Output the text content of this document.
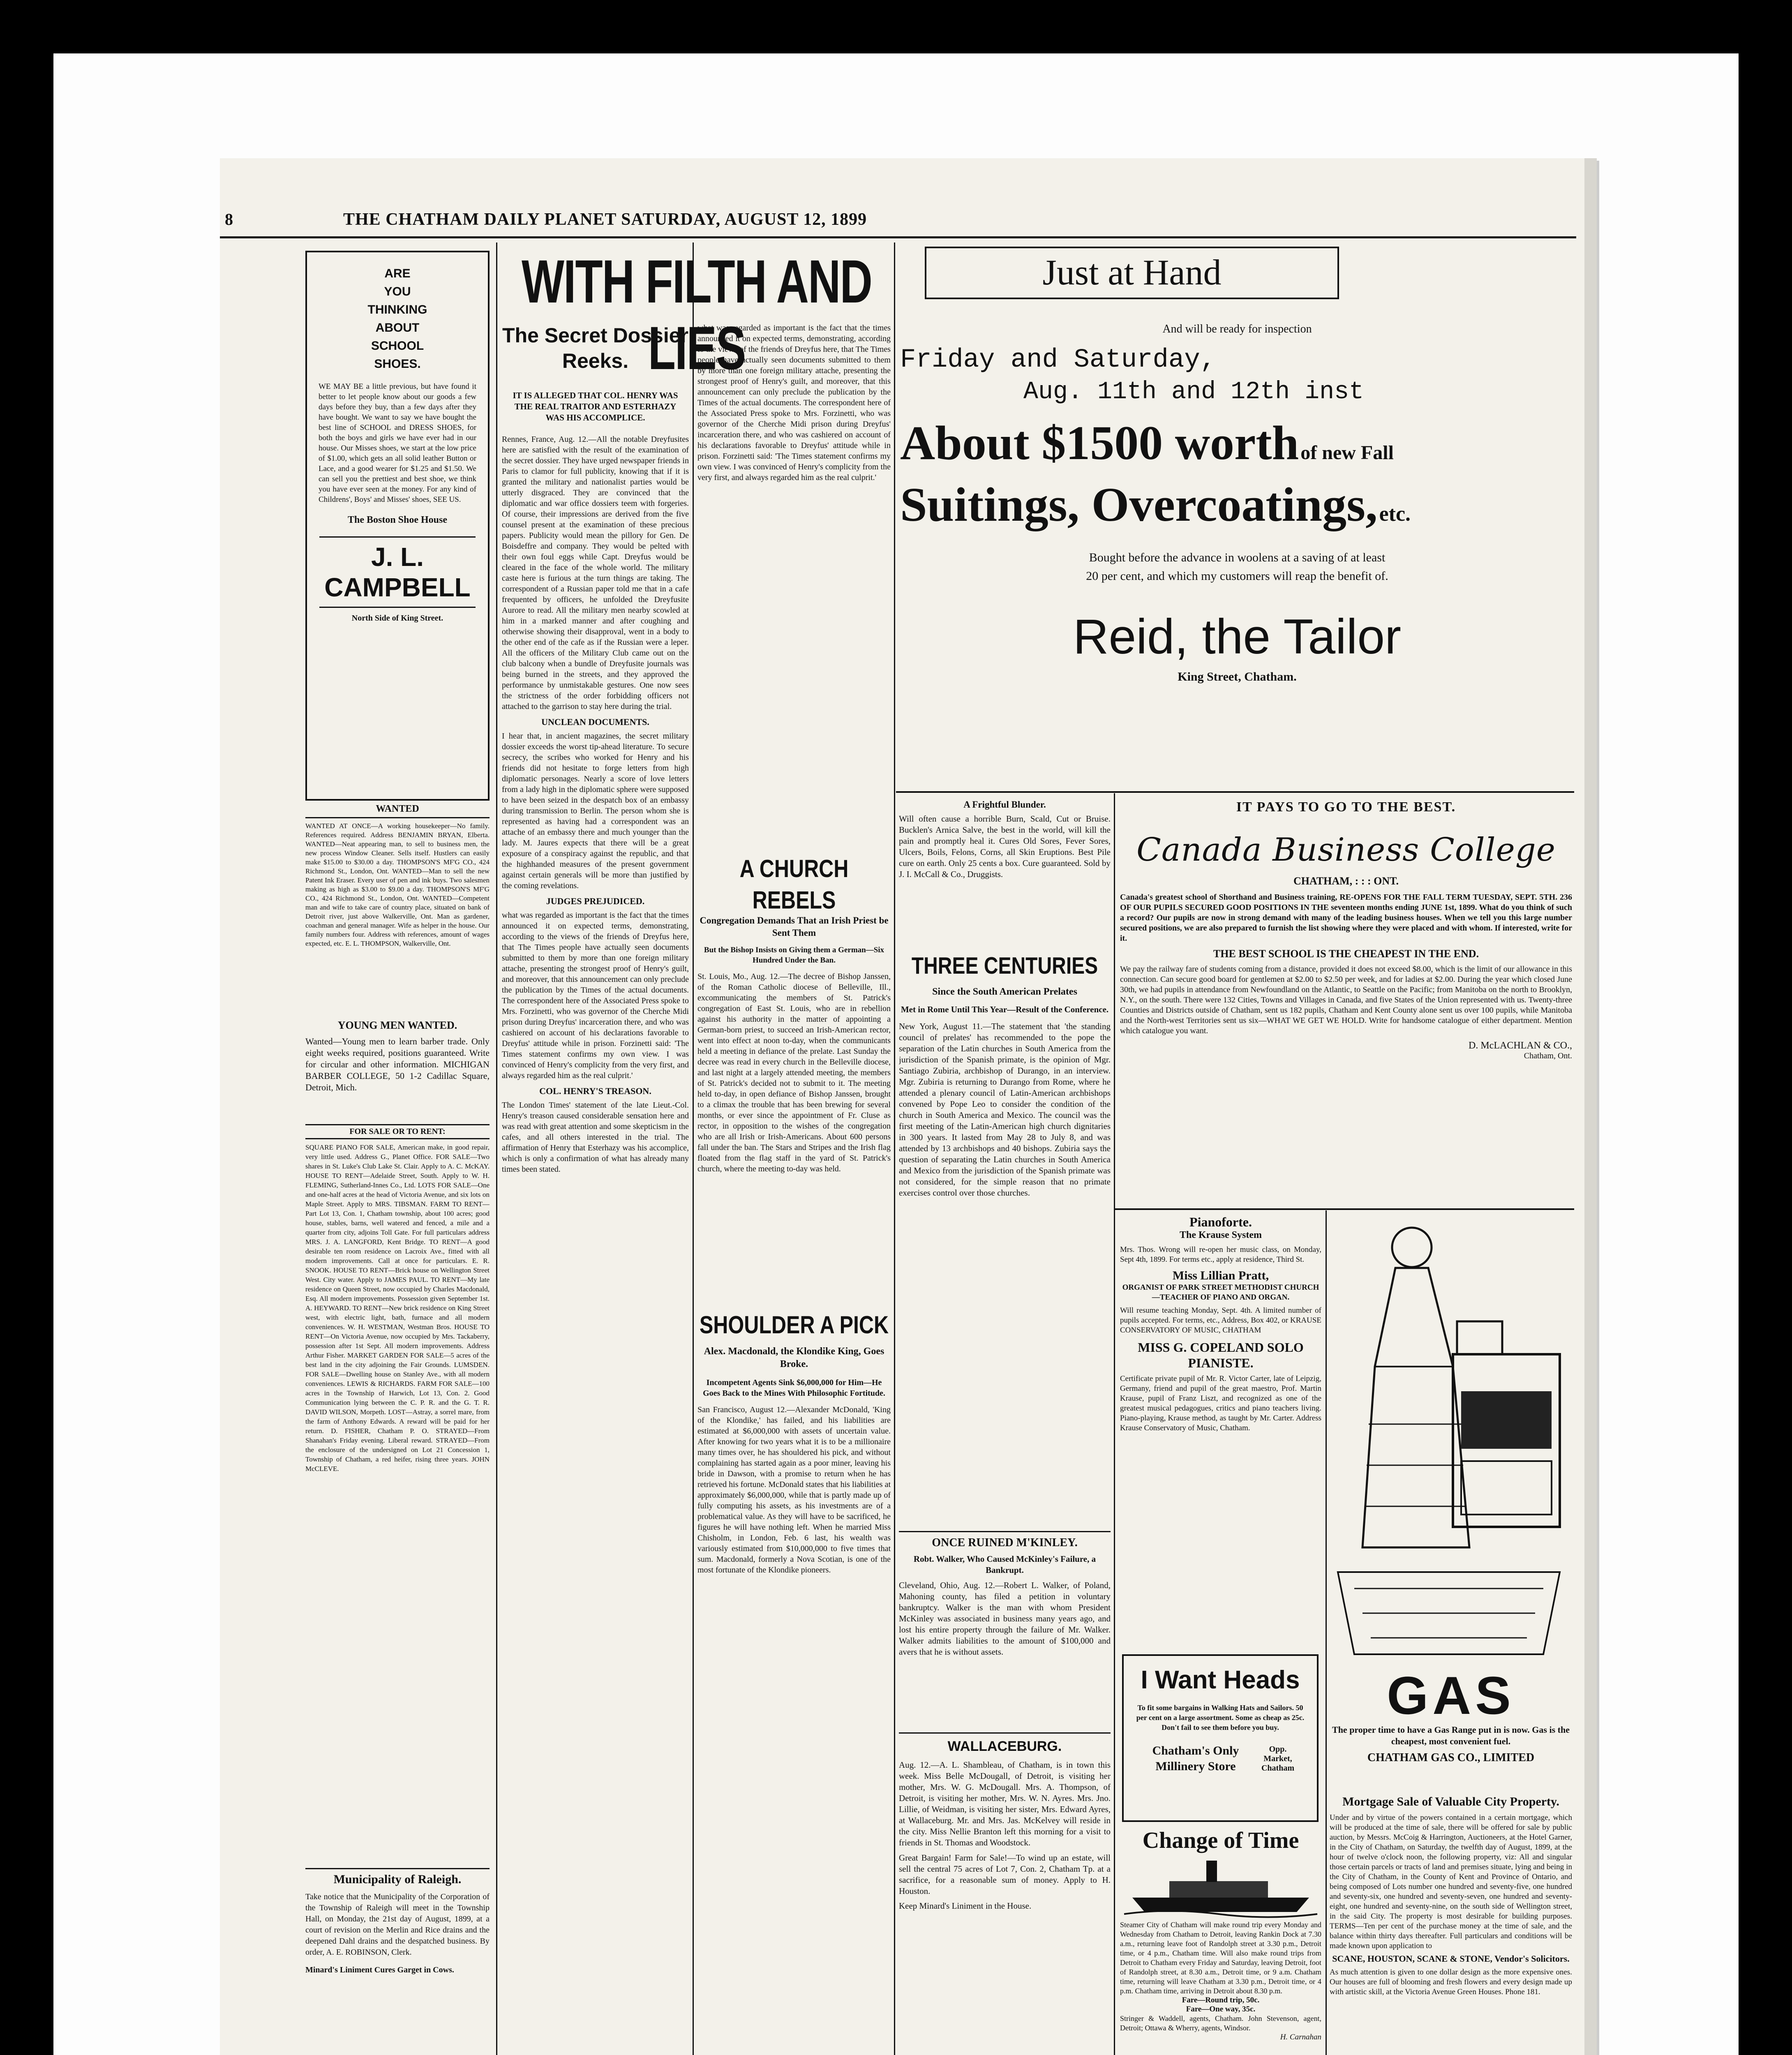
8	THE CHATHAM DAILY PLANET SATURDAY, AUGUST 12, 1899
ARE
YOU
THINKING
ABOUT
SCHOOL
SHOES.

WE MAY BE a little previous, but have found it better to let people know about our goods a few days before they buy, than a few days after they have bought. We want to say we have bought the best line of SCHOOL and DRESS SHOES, for both the boys and girls we have ever had in our house. Our Misses shoes, we start at the low price of $1.00, which gets an all solid leather Button or Lace, and a good wearer for $1.25 and $1.50. We can sell you the prettiest and best shoe, we think you have ever seen at the money. For any kind of Childrens', Boys' and Misses' shoes, SEE US.

The Boston Shoe House
J. L. CAMPBELL
North Side of King Street.
WANTED

WANTED AT ONCE—A working housekeeper—No family. References required. Address BENJAMIN BRYAN, Elberta. WANTED—Neat appearing man, to sell to business men, the new process Window Cleaner. Sells itself. Hustlers can easily make $15.00 to $30.00 a day. THOMPSON'S MF'G CO., 424 Richmond St., London, Ont. WANTED—Man to sell the new Patent Ink Eraser. Every user of pen and ink buys. Two salesmen making as high as $3.00 to $9.00 a day. THOMPSON'S MF'G CO., 424 Richmond St., London, Ont. WANTED—Competent man and wife to take care of country place, situated on bank of Detroit river, just above Walkerville, Ont. Man as gardener, coachman and general manager. Wife as helper in the house. Our family numbers four. Address with references, amount of wages expected, etc. E. L. THOMPSON, Walkerville, Ont.

YOUNG MEN WANTED.

Wanted—Young men to learn barber trade. Only eight weeks required, positions guaranteed. Write for circular and other information. MICHIGAN BARBER COLLEGE, 50 1-2 Cadillac Square, Detroit, Mich.

FOR SALE OR TO RENT:

SQUARE PIANO FOR SALE, American make, in good repair, very little used. Address G., Planet Office. FOR SALE—Two shares in St. Luke's Club Lake St. Clair. Apply to A. C. McKAY. HOUSE TO RENT—Adelaide Street, South. Apply to W. H. FLEMING, Sutherland-Innes Co., Ltd. LOTS FOR SALE—One and one-half acres at the head of Victoria Avenue, and six lots on Maple Street. Apply to MRS. TIBSMAN. FARM TO RENT—Part Lot 13, Con. 1, Chatham township, about 100 acres; good house, stables, barns, well watered and fenced, a mile and a quarter from city, adjoins Toll Gate. For full particulars address MRS. J. A. LANGFORD, Kent Bridge. TO RENT—A good desirable ten room residence on Lacroix Ave., fitted with all modern improvements. Call at once for particulars. E. R. SNOOK. HOUSE TO RENT—Brick house on Wellington Street West. City water. Apply to JAMES PAUL. TO RENT—My late residence on Queen Street, now occupied by Charles Macdonald, Esq. All modern improvements. Possession given September 1st. A. HEYWARD. TO RENT—New brick residence on King Street west, with electric light, bath, furnace and all modern conveniences. W. H. WESTMAN, Westman Bros. HOUSE TO RENT—On Victoria Avenue, now occupied by Mrs. Tackaberry, possession after 1st Sept. All modern improvements. Address Arthur Fisher. MARKET GARDEN FOR SALE—5 acres of the best land in the city adjoining the Fair Grounds. LUMSDEN. FOR SALE—Dwelling house on Stanley Ave., with all modern conveniences. LEWIS & RICHARDS. FARM FOR SALE—100 acres in the Township of Harwich, Lot 13, Con. 2. Good Communication lying between the C. P. R. and the G. T. R. DAVID WILSON, Morpeth. LOST—Astray, a sorrel mare, from the farm of Anthony Edwards. A reward will be paid for her return. D. FISHER, Chatham P. O. STRAYED—From Shanahan's Friday evening. Liberal reward. STRAYED—From the enclosure of the undersigned on Lot 21 Concession 1, Township of Chatham, a red heifer, rising three years. JOHN McCLEVE.

Municipality of Raleigh.

Take notice that the Municipality of the Corporation of the Township of Raleigh will meet in the Township Hall, on Monday, the 21st day of August, 1899, at a court of revision on the Merlin and Rice drains and the deepened Dahl drains and the despatched business. By order, A. E. ROBINSON, Clerk.

Minard's Liniment Cures Garget in Cows.

WITH FILTH AND LIES
The Secret Dossier Reeks.
IT IS ALLEGED THAT COL. HENRY WAS THE REAL TRAITOR AND ESTERHAZY WAS HIS ACCOMPLICE.

Rennes, France, Aug. 12.—All the notable Dreyfusites here are satisfied with the result of the examination of the secret dossier. They have urged newspaper friends in Paris to clamor for full publicity, knowing that if it is granted the military and nationalist parties would be utterly disgraced. They are convinced that the diplomatic and war office dossiers teem with forgeries. Of course, their impressions are derived from the five counsel present at the examination of these precious papers. Publicity would mean the pillory for Gen. De Boisdeffre and company. They would be pelted with their own foul eggs while Capt. Dreyfus would be cleared in the face of the whole world. The military caste here is furious at the turn things are taking. The correspondent of a Russian paper told me that in a cafe frequented by officers, he unfolded the Dreyfusite Aurore to read. All the military men nearby scowled at him in a marked manner and after coughing and otherwise showing their disapproval, went in a body to the other end of the cafe as if the Russian were a leper. All the officers of the Military Club came out on the club balcony when a bundle of Dreyfusite journals was being burned in the streets, and they approved the performance by unmistakable gestures. One now sees the strictness of the order forbidding officers not attached to the garrison to stay here during the trial.

UNCLEAN DOCUMENTS.

I hear that, in ancient magazines, the secret military dossier exceeds the worst tip-ahead literature. To secure secrecy, the scribes who worked for Henry and his friends did not hesitate to forge letters from high diplomatic personages. Nearly a score of love letters from a lady high in the diplomatic sphere were supposed to have been seized in the despatch box of an embassy during transmission to Berlin. The person whom she is represented as having had a correspondent was an attache of an embassy there and much younger than the lady. M. Jaures expects that there will be a great exposure of a conspiracy against the republic, and that the highhanded measures of the present government against certain generals will be more than justified by the coming revelations.

JUDGES PREJUDICED.

what was regarded as important is the fact that the times announced it on expected terms, demonstrating, according to the views of the friends of Dreyfus here, that The Times people have actually seen documents submitted to them by more than one foreign military attache, presenting the strongest proof of Henry's guilt, and moreover, that this announcement can only preclude the publication by the Times of the actual documents. The correspondent here of the Associated Press spoke to Mrs. Forzinetti, who was governor of the Cherche Midi prison during Dreyfus' incarceration there, and who was cashiered on account of his declarations favorable to Dreyfus' attitude while in prison. Forzinetti said: 'The Times statement confirms my own view. I was convinced of Henry's complicity from the very first, and always regarded him as the real culprit.'

COL. HENRY'S TREASON.

The London Times' statement of the late Lieut.-Col. Henry's treason caused considerable sensation here and was read with great attention and some skepticism in the cafes, and all others interested in the trial. The affirmation of Henry that Esterhazy was his accomplice, which is only a confirmation of what has already many times been stated.

what was regarded as important is the fact that the times announced it on expected terms, demonstrating, according to the views of the friends of Dreyfus here, that The Times people have actually seen documents submitted to them by more than one foreign military attache, presenting the strongest proof of Henry's guilt, and moreover, that this announcement can only preclude the publication by the Times of the actual documents. The correspondent here of the Associated Press spoke to Mrs. Forzinetti, who was governor of the Cherche Midi prison during Dreyfus' incarceration there, and who was cashiered on account of his declarations favorable to Dreyfus' attitude while in prison. Forzinetti said: 'The Times statement confirms my own view. I was convinced of Henry's complicity from the very first, and always regarded him as the real culprit.'

A CHURCH REBELS
Congregation Demands That an Irish Priest be Sent Them
But the Bishop Insists on Giving them a German—Six Hundred Under the Ban.

St. Louis, Mo., Aug. 12.—The decree of Bishop Janssen, of the Roman Catholic diocese of Belleville, Ill., excommunicating the members of St. Patrick's congregation of East St. Louis, who are in rebellion against his authority in the matter of appointing a German-born priest, to succeed an Irish-American rector, went into effect at noon to-day, when the communicants held a meeting in defiance of the prelate. Last Sunday the decree was read in every church in the Belleville diocese, and last night at a largely attended meeting, the members of St. Patrick's decided not to submit to it. The meeting held to-day, in open defiance of Bishop Janssen, brought to a climax the trouble that has been brewing for several months, or ever since the appointment of Fr. Cluse as rector, in opposition to the wishes of the congregation who are all Irish or Irish-Americans. About 600 persons fall under the ban. The Stars and Stripes and the Irish flag floated from the flag staff in the yard of St. Patrick's church, where the meeting to-day was held.

SHOULDER A PICK
Alex. Macdonald, the Klondike King, Goes Broke.
Incompetent Agents Sink $6,000,000 for Him—He Goes Back to the Mines With Philosophic Fortitude.

San Francisco, August 12.—Alexander McDonald, 'King of the Klondike,' has failed, and his liabilities are estimated at $6,000,000 with assets of uncertain value. After knowing for two years what it is to be a millionaire many times over, he has shouldered his pick, and without complaining has started again as a poor miner, leaving his bride in Dawson, with a promise to return when he has retrieved his fortune. McDonald states that his liabilities at approximately $6,000,000, while that is partly made up of fully computing his assets, as his investments are of a problematical value. As they will have to be sacrificed, he figures he will have nothing left. When he married Miss Chisholm, in London, Feb. 6 last, his wealth was variously estimated from $10,000,000 to five times that sum. Macdonald, formerly a Nova Scotian, is one of the most fortunate of the Klondike pioneers.

Just at Hand
And will be ready for inspection
Friday and Saturday,
Aug. 11th and 12th inst
About $1500 worth of new Fall
Suitings, Overcoatings, etc.
Bought before the advance in woolens at a saving of at least
20 per cent, and which my customers will reap the benefit of.
Reid, the Tailor
King Street, Chatham.
A Frightful Blunder.

Will often cause a horrible Burn, Scald, Cut or Bruise. Bucklen's Arnica Salve, the best in the world, will kill the pain and promptly heal it. Cures Old Sores, Fever Sores, Ulcers, Boils, Felons, Corns, all Skin Eruptions. Best Pile cure on earth. Only 25 cents a box. Cure guaranteed. Sold by J. I. McCall & Co., Druggists.

THREE CENTURIES
Since the South American Prelates
Met in Rome Until This Year—Result of the Conference.

New York, August 11.—The statement that 'the standing council of prelates' has recommended to the pope the separation of the Latin churches in South America from the jurisdiction of the Spanish primate, is the opinion of Mgr. Santiago Zubiria, archbishop of Durango, in an interview. Mgr. Zubiria is returning to Durango from Rome, where he attended a plenary council of Latin-American archbishops convened by Pope Leo to consider the condition of the church in South America and Mexico. The council was the first meeting of the Latin-American high church dignitaries in 300 years. It lasted from May 28 to July 8, and was attended by 13 archbishops and 40 bishops. Zubiria says the question of separating the Latin churches in South America and Mexico from the jurisdiction of the Spanish primate was not considered, for the simple reason that no primate exercises control over those churches.

ONCE RUINED M'KINLEY.
Robt. Walker, Who Caused McKinley's Failure, a Bankrupt.

Cleveland, Ohio, Aug. 12.—Robert L. Walker, of Poland, Mahoning county, has filed a petition in voluntary bankruptcy. Walker is the man with whom President McKinley was associated in business many years ago, and lost his entire property through the failure of Mr. Walker. Walker admits liabilities to the amount of $100,000 and avers that he is without assets.

WALLACEBURG.

Aug. 12.—A. L. Shambleau, of Chatham, is in town this week. Miss Belle McDougall, of Detroit, is visiting her mother, Mrs. W. G. McDougall. Mrs. A. Thompson, of Detroit, is visiting her mother, Mrs. W. N. Ayres. Mrs. Jno. Lillie, of Weidman, is visiting her sister, Mrs. Edward Ayres, at Wallaceburg. Mr. and Mrs. Jas. McKelvey will reside in the city. Miss Nellie Branton left this morning for a visit to friends in St. Thomas and Woodstock.

Great Bargain! Farm for Sale!—To wind up an estate, will sell the central 75 acres of Lot 7, Con. 2, Chatham Tp. at a sacrifice, for a reasonable sum of money. Apply to H. Houston.

Keep Minard's Liniment in the House.

IT PAYS TO GO TO THE BEST.
Canada Business College
CHATHAM, : : : ONT.

Canada's greatest school of Shorthand and Business training, RE-OPENS FOR THE FALL TERM TUESDAY, SEPT. 5TH. 236 OF OUR PUPILS SECURED GOOD POSITIONS IN THE seventeen months ending JUNE 1st, 1899. What do you think of such a record? Our pupils are now in strong demand with many of the leading business houses. When we tell you this large number secured positions, we are also prepared to furnish the list showing where they were placed and with whom. If interested, write for it.

THE BEST SCHOOL IS THE CHEAPEST IN THE END.

We pay the railway fare of students coming from a distance, provided it does not exceed $8.00, which is the limit of our allowance in this connection. Can secure good board for gentlemen at $2.00 to $2.50 per week, and for ladies at $2.00. During the year which closed June 30th, we had pupils in attendance from Newfoundland on the Atlantic, to Seattle on the Pacific; from Manitoba on the north to Brooklyn, N.Y., on the south. There were 132 Cities, Towns and Villages in Canada, and five States of the Union represented with us. Twenty-three Counties and Districts outside of Chatham, sent us 182 pupils, Chatham and Kent County alone sent us over 100 pupils, while Manitoba and the North-west Territories sent us six—WHAT WE GET WE HOLD. Write for handsome catalogue of either department. Mention which catalogue you want.

D. McLACHLAN & CO.,
Chatham, Ont.
Pianoforte.
The Krause System

Mrs. Thos. Wrong will re-open her music class, on Monday, Sept 4th, 1899. For terms etc., apply at residence, Third St.

Miss Lillian Pratt,
ORGANIST OF PARK STREET METHODIST CHURCH—TEACHER OF PIANO AND ORGAN.

Will resume teaching Monday, Sept. 4th. A limited number of pupils accepted. For terms, etc., Address, Box 402, or KRAUSE CONSERVATORY OF MUSIC, CHATHAM

MISS G. COPELAND SOLO PIANISTE.

Certificate private pupil of Mr. R. Victor Carter, late of Leipzig, Germany, friend and pupil of the great maestro, Prof. Martin Krause, pupil of Franz Liszt, and recognized as one of the greatest musical pedagogues, critics and piano teachers living. Piano-playing, Krause method, as taught by Mr. Carter. Address Krause Conservatory of Music, Chatham.

GAS

The proper time to have a Gas Range put in is now. Gas is the cheapest, most convenient fuel.

CHATHAM GAS CO., LIMITED
Mortgage Sale of Valuable City Property.

Under and by virtue of the powers contained in a certain mortgage, which will be produced at the time of sale, there will be offered for sale by public auction, by Messrs. McCoig & Harrington, Auctioneers, at the Hotel Garner, in the City of Chatham, on Saturday, the twelfth day of August, 1899, at the hour of twelve o'clock noon, the following property, viz: All and singular those certain parcels or tracts of land and premises situate, lying and being in the City of Chatham, in the County of Kent and Province of Ontario, and being composed of Lots number one hundred and seventy-five, one hundred and seventy-six, one hundred and seventy-seven, one hundred and seventy-eight, one hundred and seventy-nine, on the south side of Wellington street, in the said City. The property is most desirable for building purposes. TERMS—Ten per cent of the purchase money at the time of sale, and the balance within thirty days thereafter. Full particulars and conditions will be made known upon application to

SCANE, HOUSTON, SCANE & STONE, Vendor's Solicitors.

As much attention is given to one dollar design as the more expensive ones. Our houses are full of blooming and fresh flowers and every design made up with artistic skill, at the Victoria Avenue Green Houses. Phone 181.

I Want Heads

To fit some bargains in Walking Hats and Sailors. 50 per cent on a large assortment. Some as cheap as 25c. Don't fail to see them before you buy.

Chatham's Only Millinery Store
Opp. Market, Chatham
Change of Time

Steamer City of Chatham will make round trip every Monday and Wednesday from Chatham to Detroit, leaving Rankin Dock at 7.30 a.m., returning leave foot of Randolph street at 3.30 p.m., Detroit time, or 4 p.m., Chatham time. Will also make round trips from Detroit to Chatham every Friday and Saturday, leaving Detroit, foot of Randolph street, at 8.30 a.m., Detroit time, or 9 a.m. Chatham time, returning will leave Chatham at 3.30 p.m., Detroit time, or 4 p.m. Chatham time, arriving in Detroit about 8.30 p.m.

Fare—Round trip, 50c.
Fare—One way, 35c.

Stringer & Waddell, agents, Chatham. John Stevenson, agent, Detroit; Ottawa & Wherry, agents, Windsor.

H. Carnahan
